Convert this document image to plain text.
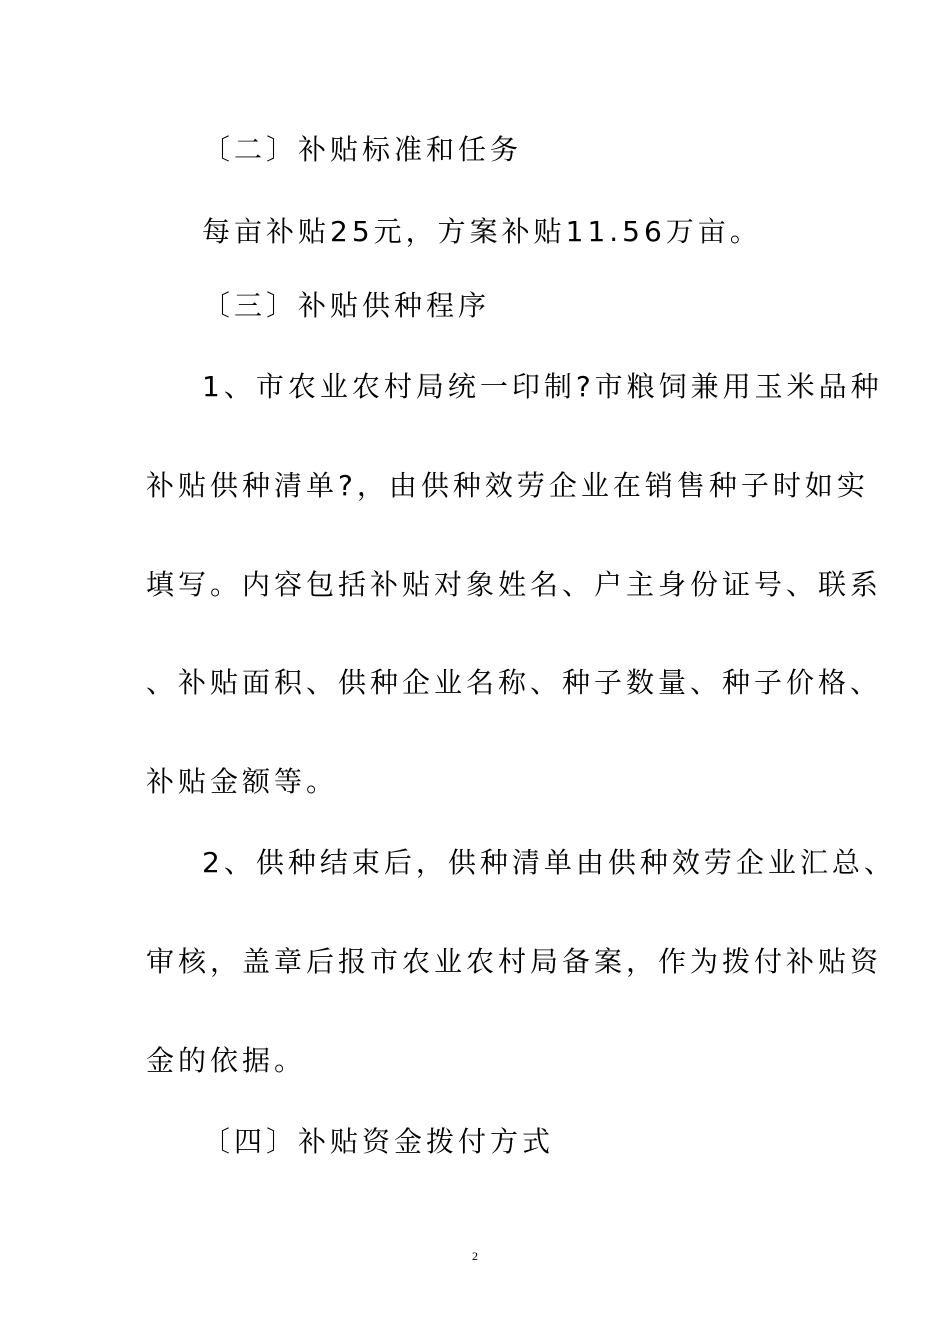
〔二〕补贴标准和任务
每亩补贴25元，方案补贴11.56万亩。
〔三〕补贴供种程序
1、市农业农村局统一印制?市粮饲兼用玉米品种
补贴供种清单?，由供种效劳企业在销售种子时如实
填写。内容包括补贴对象姓名、户主身份证号、联系
、补贴面积、供种企业名称、种子数量、种子价格、
补贴金额等。
2、供种结束后，供种清单由供种效劳企业汇总、
审核，盖章后报市农业农村局备案，作为拨付补贴资
金的依据。
〔四〕补贴资金拨付方式
2
